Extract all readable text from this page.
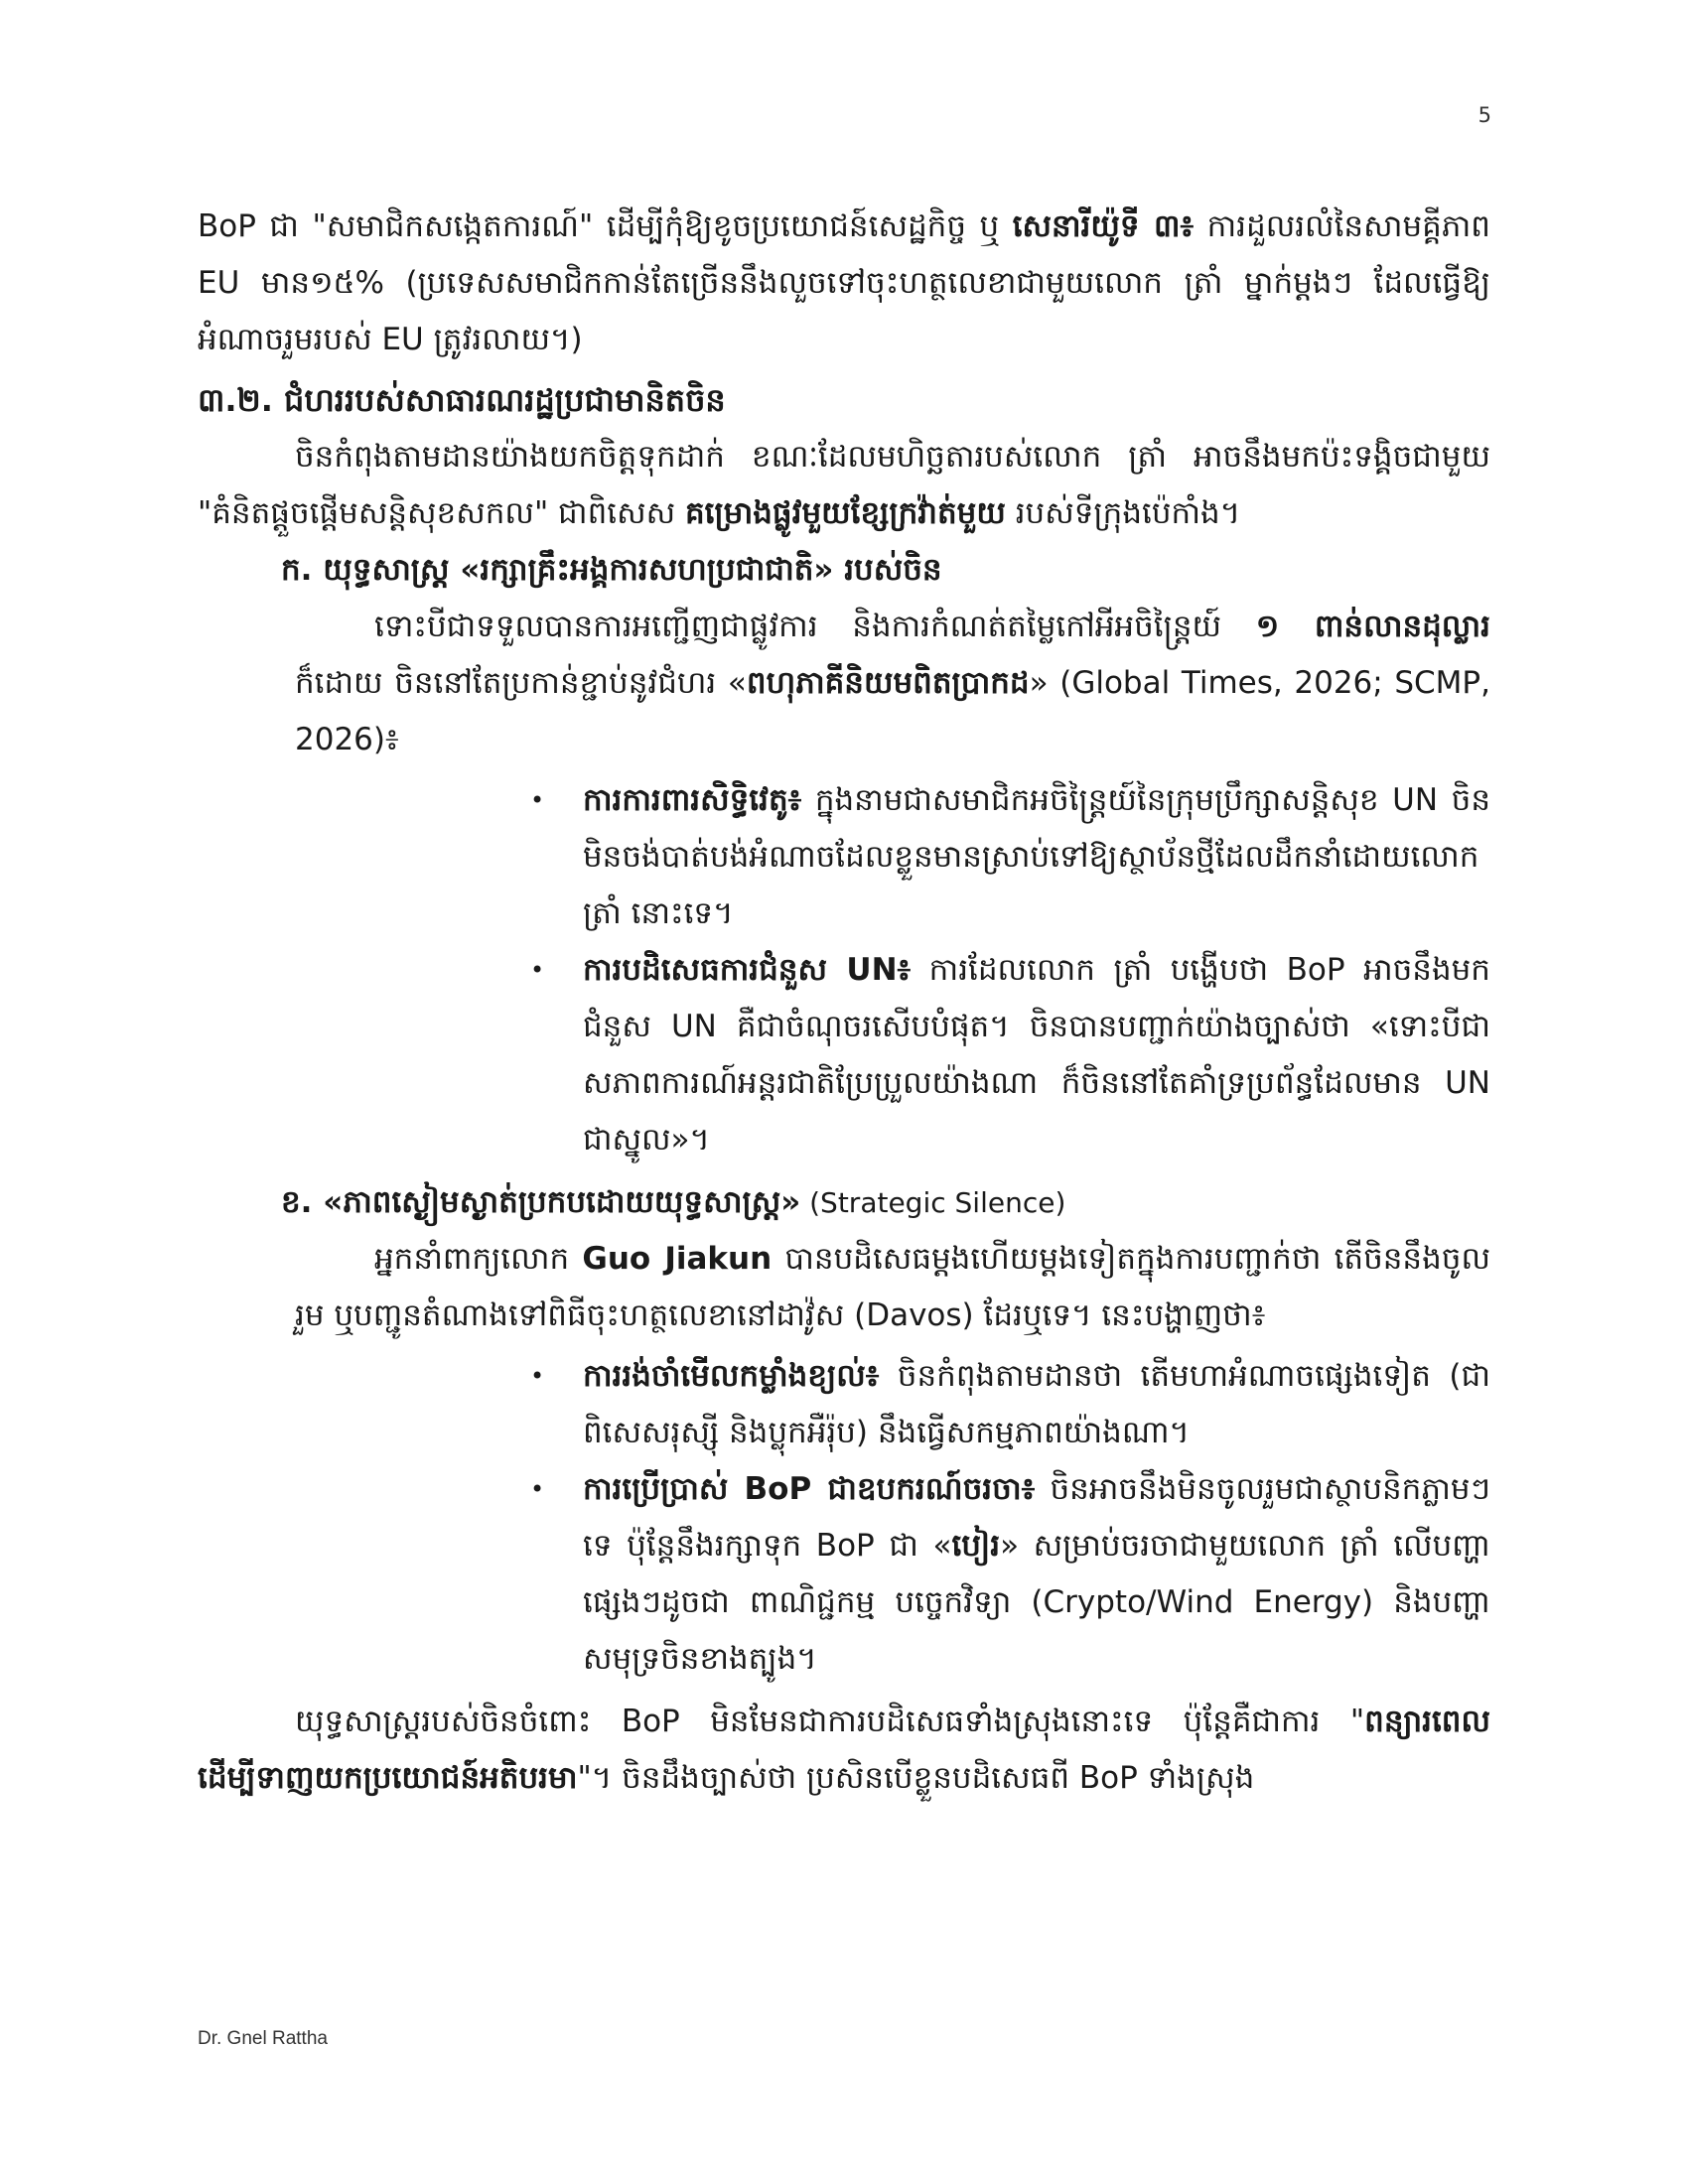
5

BoP ជា "សមាជិកសង្កេតការណ៍" ដើម្បីកុំឱ្យខូចប្រយោជន៍សេដ្ឋកិច្ច ឬ សេនារីយ៉ូទី ៣៖ ការដួលរលំនៃសាមគ្គីភាព EU មាន១៥% (ប្រទេសសមាជិកកាន់តែច្រើននឹងលួចទៅចុះហត្ថលេខាជាមួយលោក ត្រាំ ម្នាក់ម្តងៗ ដែលធ្វើឱ្យអំណាចរួមរបស់ EU ត្រូវរលាយ។)

៣.២. ជំហររបស់សាធារណរដ្ឋប្រជាមានិតចិន

ចិនកំពុងតាមដានយ៉ាងយកចិត្តទុកដាក់ ខណៈដែលមហិច្ឆតារបស់លោក ត្រាំ អាចនឹងមកប៉ះទង្គិចជាមួយ "គំនិតផ្តួចផ្តើមសន្តិសុខសកល" ជាពិសេស គម្រោងផ្លូវមួយខ្សែក្រវ៉ាត់មួយ របស់ទីក្រុងប៉េកាំង។

ក. យុទ្ធសាស្ត្រ «រក្សាគ្រឹះអង្គការសហប្រជាជាតិ» របស់ចិន

ទោះបីជាទទួលបានការអញ្ជើញជាផ្លូវការ និងការកំណត់តម្លៃកៅអីអចិន្ត្រៃយ៍ ១ ពាន់លានដុល្លារ ក៏ដោយ ចិននៅតែប្រកាន់ខ្ជាប់នូវជំហរ «ពហុភាគីនិយមពិតប្រាកដ» (Global Times, 2026; SCMP, 2026)៖

• ការការពារសិទ្ធិវេតូ៖ ក្នុងនាមជាសមាជិកអចិន្ត្រៃយ៍នៃក្រុមប្រឹក្សាសន្តិសុខ UN ចិនមិនចង់បាត់បង់អំណាចដែលខ្លួនមានស្រាប់ទៅឱ្យស្ថាប័នថ្មីដែលដឹកនាំដោយលោក ត្រាំ នោះទេ។
• ការបដិសេធការជំនួស UN៖ ការដែលលោក ត្រាំ បង្ហើបថា BoP អាចនឹងមកជំនួស UN គឺជាចំណុចរសើបបំផុត។ ចិនបានបញ្ជាក់យ៉ាងច្បាស់ថា «ទោះបីជាសភាពការណ៍អន្តរជាតិប្រែប្រួលយ៉ាងណា ក៏ចិននៅតែគាំទ្រប្រព័ន្ធដែលមាន UN ជាស្នូល»។

ខ. «ភាពស្ងៀមស្ងាត់ប្រកបដោយយុទ្ធសាស្ត្រ» (Strategic Silence)

អ្នកនាំពាក្យលោក Guo Jiakun បានបដិសេធម្តងហើយម្តងទៀតក្នុងការបញ្ជាក់ថា តើចិននឹងចូលរួម ឬបញ្ជូនតំណាងទៅពិធីចុះហត្ថលេខានៅដាវ៉ូស (Davos) ដែរឬទេ។ នេះបង្ហាញថា៖

• ការរង់ចាំមើលកម្លាំងខ្យល់៖ ចិនកំពុងតាមដានថា តើមហាអំណាចផ្សេងទៀត (ជាពិសេសរុស្ស៊ី និងប្លុកអឺរ៉ុប) នឹងធ្វើសកម្មភាពយ៉ាងណា។
• ការប្រើប្រាស់ BoP ជាឧបករណ៍ចរចា៖ ចិនអាចនឹងមិនចូលរួមជាស្ថាបនិកភ្លាមៗទេ ប៉ុន្តែនឹងរក្សាទុក BoP ជា «បៀរ» សម្រាប់ចរចាជាមួយលោក ត្រាំ លើបញ្ហាផ្សេងៗដូចជា ពាណិជ្ជកម្ម បច្ចេកវិទ្យា (Crypto/Wind Energy) និងបញ្ហាសមុទ្រចិនខាងត្បូង។

យុទ្ធសាស្ត្ររបស់ចិនចំពោះ BoP មិនមែនជាការបដិសេធទាំងស្រុងនោះទេ ប៉ុន្តែគឺជាការ "ពន្យារពេលដើម្បីទាញយកប្រយោជន៍អតិបរមា"។ ចិនដឹងច្បាស់ថា ប្រសិនបើខ្លួនបដិសេធពី BoP ទាំងស្រុង

Dr. Gnel Rattha
